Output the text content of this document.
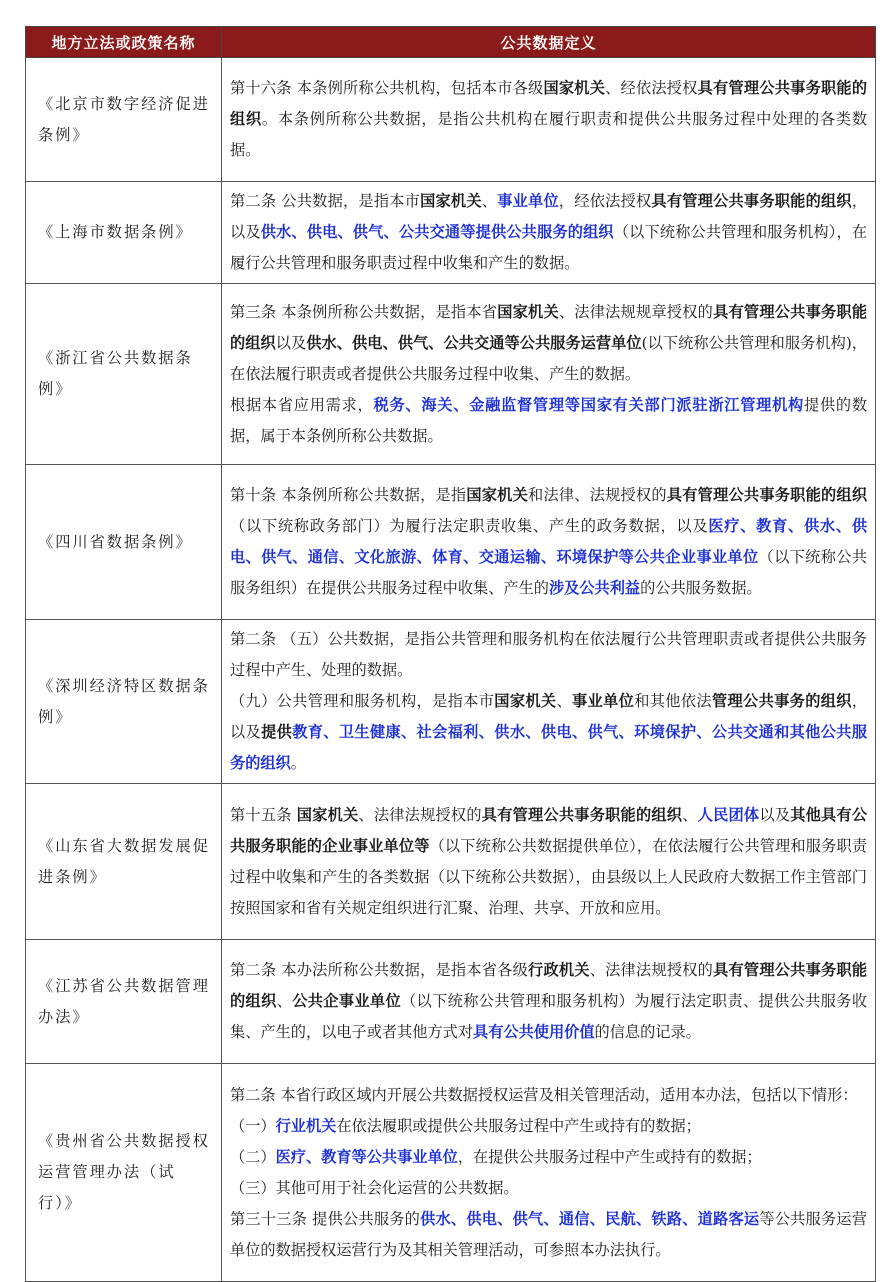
地方立法或政策名称	公共数据定义
《北京市数字经济促进条例》	第十六条 本条例所称公共机构，包括本市各级国家机关、经依法授权具有管理公共事务职能的组织。本条例所称公共数据，是指公共机构在履行职责和提供公共服务过程中处理的各类数据。

《上海市数据条例》	第二条 公共数据，是指本市国家机关、事业单位，经依法授权具有管理公共事务职能的组织，以及供水、供电、供气、公共交通等提供公共服务的组织（以下统称公共管理和服务机构），在履行公共管理和服务职责过程中收集和产生的数据。

《浙江省公共数据条例》	第三条 本条例所称公共数据，是指本省国家机关、法律法规规章授权的具有管理公共事务职能的组织以及供水、供电、供气、公共交通等公共服务运营单位(以下统称公共管理和服务机构)，在依法履行职责或者提供公共服务过程中收集、产生的数据。

根据本省应用需求，税务、海关、金融监督管理等国家有关部门派驻浙江管理机构提供的数据，属于本条例所称公共数据。

《四川省数据条例》	第十条 本条例所称公共数据，是指国家机关和法律、法规授权的具有管理公共事务职能的组织（以下统称政务部门）为履行法定职责收集、产生的政务数据，以及医疗、教育、供水、供电、供气、通信、文化旅游、体育、交通运输、环境保护等公共企业事业单位（以下统称公共服务组织）在提供公共服务过程中收集、产生的涉及公共利益的公共服务数据。

《深圳经济特区数据条例》	第二条 （五）公共数据，是指公共管理和服务机构在依法履行公共管理职责或者提供公共服务过程中产生、处理的数据。

（九）公共管理和服务机构，是指本市国家机关、事业单位和其他依法管理公共事务的组织，以及提供教育、卫生健康、社会福利、供水、供电、供气、环境保护、公共交通和其他公共服务的组织。

《山东省大数据发展促进条例》	第十五条 国家机关、法律法规授权的具有管理公共事务职能的组织、人民团体以及其他具有公共服务职能的企业事业单位等（以下统称公共数据提供单位），在依法履行公共管理和服务职责过程中收集和产生的各类数据（以下统称公共数据），由县级以上人民政府大数据工作主管部门按照国家和省有关规定组织进行汇聚、治理、共享、开放和应用。

《江苏省公共数据管理办法》	第二条 本办法所称公共数据，是指本省各级行政机关、法律法规授权的具有管理公共事务职能的组织、公共企事业单位（以下统称公共管理和服务机构）为履行法定职责、提供公共服务收集、产生的，以电子或者其他方式对具有公共使用价值的信息的记录。

《贵州省公共数据授权运营管理办法（试行）》	第二条 本省行政区域内开展公共数据授权运营及相关管理活动，适用本办法，包括以下情形：

（一）行业机关在依法履职或提供公共服务过程中产生或持有的数据；

（二）医疗、教育等公共事业单位，在提供公共服务过程中产生或持有的数据；

（三）其他可用于社会化运营的公共数据。

第三十三条 提供公共服务的供水、供电、供气、通信、民航、铁路、道路客运等公共服务运营单位的数据授权运营行为及其相关管理活动，可参照本办法执行。
